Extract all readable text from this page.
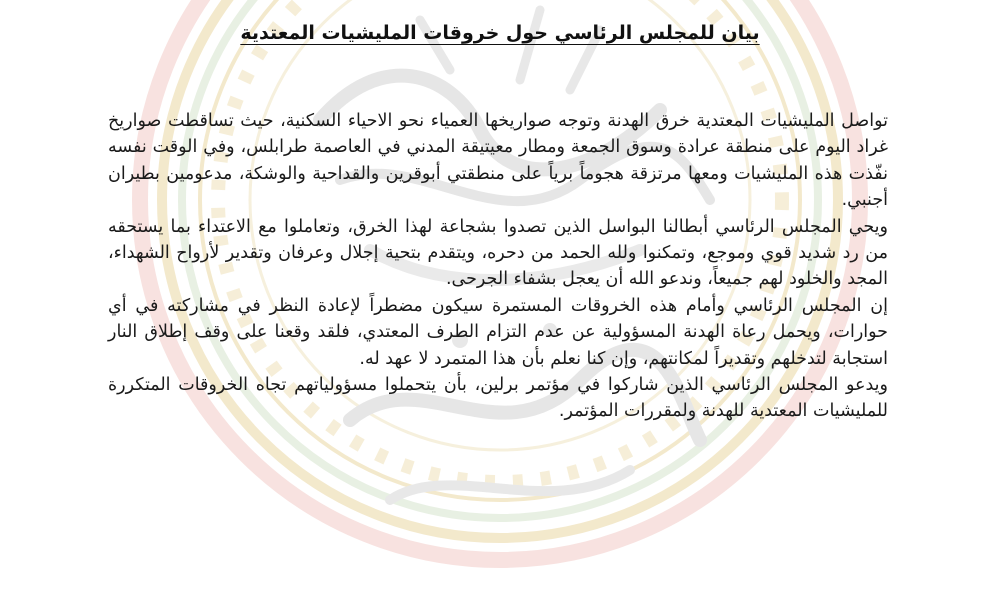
بيان للمجلس الرئاسي حول خروقات المليشيات المعتدية

تواصل المليشيات المعتدية خرق الهدنة وتوجه صواريخها العمياء نحو الاحياء السكنية، حيث تساقطت صواريخ غراد اليوم على منطقة عرادة وسوق الجمعة ومطار معيتيقة المدني في العاصمة طرابلس، وفي الوقت نفسه نفّذت هذه المليشيات ومعها مرتزقة هجوماً برياً على منطقتي أبوقرين والقداحية والوشكة، مدعومين بطيران أجنبي.

ويحي المجلس الرئاسي أبطالنا البواسل الذين تصدوا بشجاعة لهذا الخرق، وتعاملوا مع الاعتداء بما يستحقه من رد شديد قوي وموجع، وتمكنوا ولله الحمد من دحره، ويتقدم بتحية إجلال وعرفان وتقدير لأرواح الشهداء، المجد والخلود لهم جميعاً، وندعو الله أن يعجل بشفاء الجرحى.

إن المجلس الرئاسي وأمام هذه الخروقات المستمرة سيكون مضطراً لإعادة النظر في مشاركته في أي حوارات، ويحمل رعاة الهدنة المسؤولية عن عدم التزام الطرف المعتدي، فلقد وقعنا على وقف إطلاق النار استجابة لتدخلهم وتقديراً لمكانتهم، وإن كنا نعلم بأن هذا المتمرد لا عهد له.

ويدعو المجلس الرئاسي الذين شاركوا في مؤتمر برلين، بأن يتحملوا مسؤولياتهم تجاه الخروقات المتكررة للمليشيات المعتدية للهدنة ولمقررات المؤتمر.
